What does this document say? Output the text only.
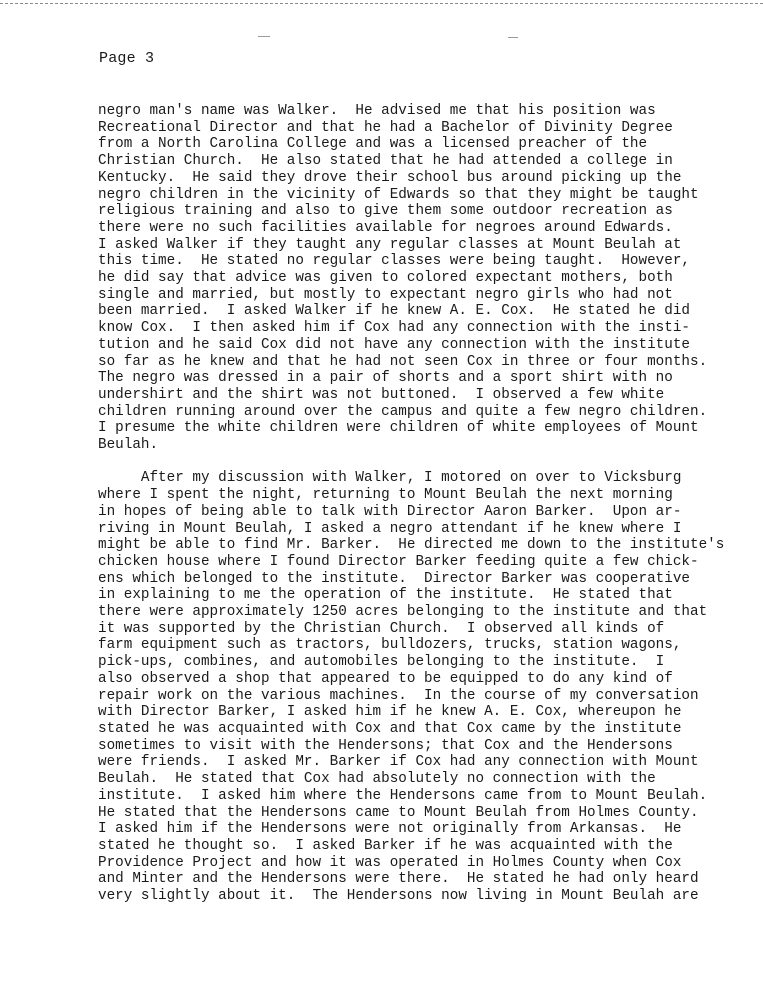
Page 3

negro man's name was Walker.  He advised me that his position was
Recreational Director and that he had a Bachelor of Divinity Degree
from a North Carolina College and was a licensed preacher of the
Christian Church.  He also stated that he had attended a college in
Kentucky.  He said they drove their school bus around picking up the
negro children in the vicinity of Edwards so that they might be taught
religious training and also to give them some outdoor recreation as
there were no such facilities available for negroes around Edwards.
I asked Walker if they taught any regular classes at Mount Beulah at
this time.  He stated no regular classes were being taught.  However,
he did say that advice was given to colored expectant mothers, both
single and married, but mostly to expectant negro girls who had not
been married.  I asked Walker if he knew A. E. Cox.  He stated he did
know Cox.  I then asked him if Cox had any connection with the insti-
tution and he said Cox did not have any connection with the institute
so far as he knew and that he had not seen Cox in three or four months.
The negro was dressed in a pair of shorts and a sport shirt with no
undershirt and the shirt was not buttoned.  I observed a few white
children running around over the campus and quite a few negro children.
I presume the white children were children of white employees of Mount
Beulah.

After my discussion with Walker, I motored on over to Vicksburg
where I spent the night, returning to Mount Beulah the next morning
in hopes of being able to talk with Director Aaron Barker.  Upon ar-
riving in Mount Beulah, I asked a negro attendant if he knew where I
might be able to find Mr. Barker.  He directed me down to the institute's
chicken house where I found Director Barker feeding quite a few chick-
ens which belonged to the institute.  Director Barker was cooperative
in explaining to me the operation of the institute.  He stated that
there were approximately 1250 acres belonging to the institute and that
it was supported by the Christian Church.  I observed all kinds of
farm equipment such as tractors, bulldozers, trucks, station wagons,
pick-ups, combines, and automobiles belonging to the institute.  I
also observed a shop that appeared to be equipped to do any kind of
repair work on the various machines.  In the course of my conversation
with Director Barker, I asked him if he knew A. E. Cox, whereupon he
stated he was acquainted with Cox and that Cox came by the institute
sometimes to visit with the Hendersons; that Cox and the Hendersons
were friends.  I asked Mr. Barker if Cox had any connection with Mount
Beulah.  He stated that Cox had absolutely no connection with the
institute.  I asked him where the Hendersons came from to Mount Beulah.
He stated that the Hendersons came to Mount Beulah from Holmes County.
I asked him if the Hendersons were not originally from Arkansas.  He
stated he thought so.  I asked Barker if he was acquainted with the
Providence Project and how it was operated in Holmes County when Cox
and Minter and the Hendersons were there.  He stated he had only heard
very slightly about it.  The Hendersons now living in Mount Beulah are
